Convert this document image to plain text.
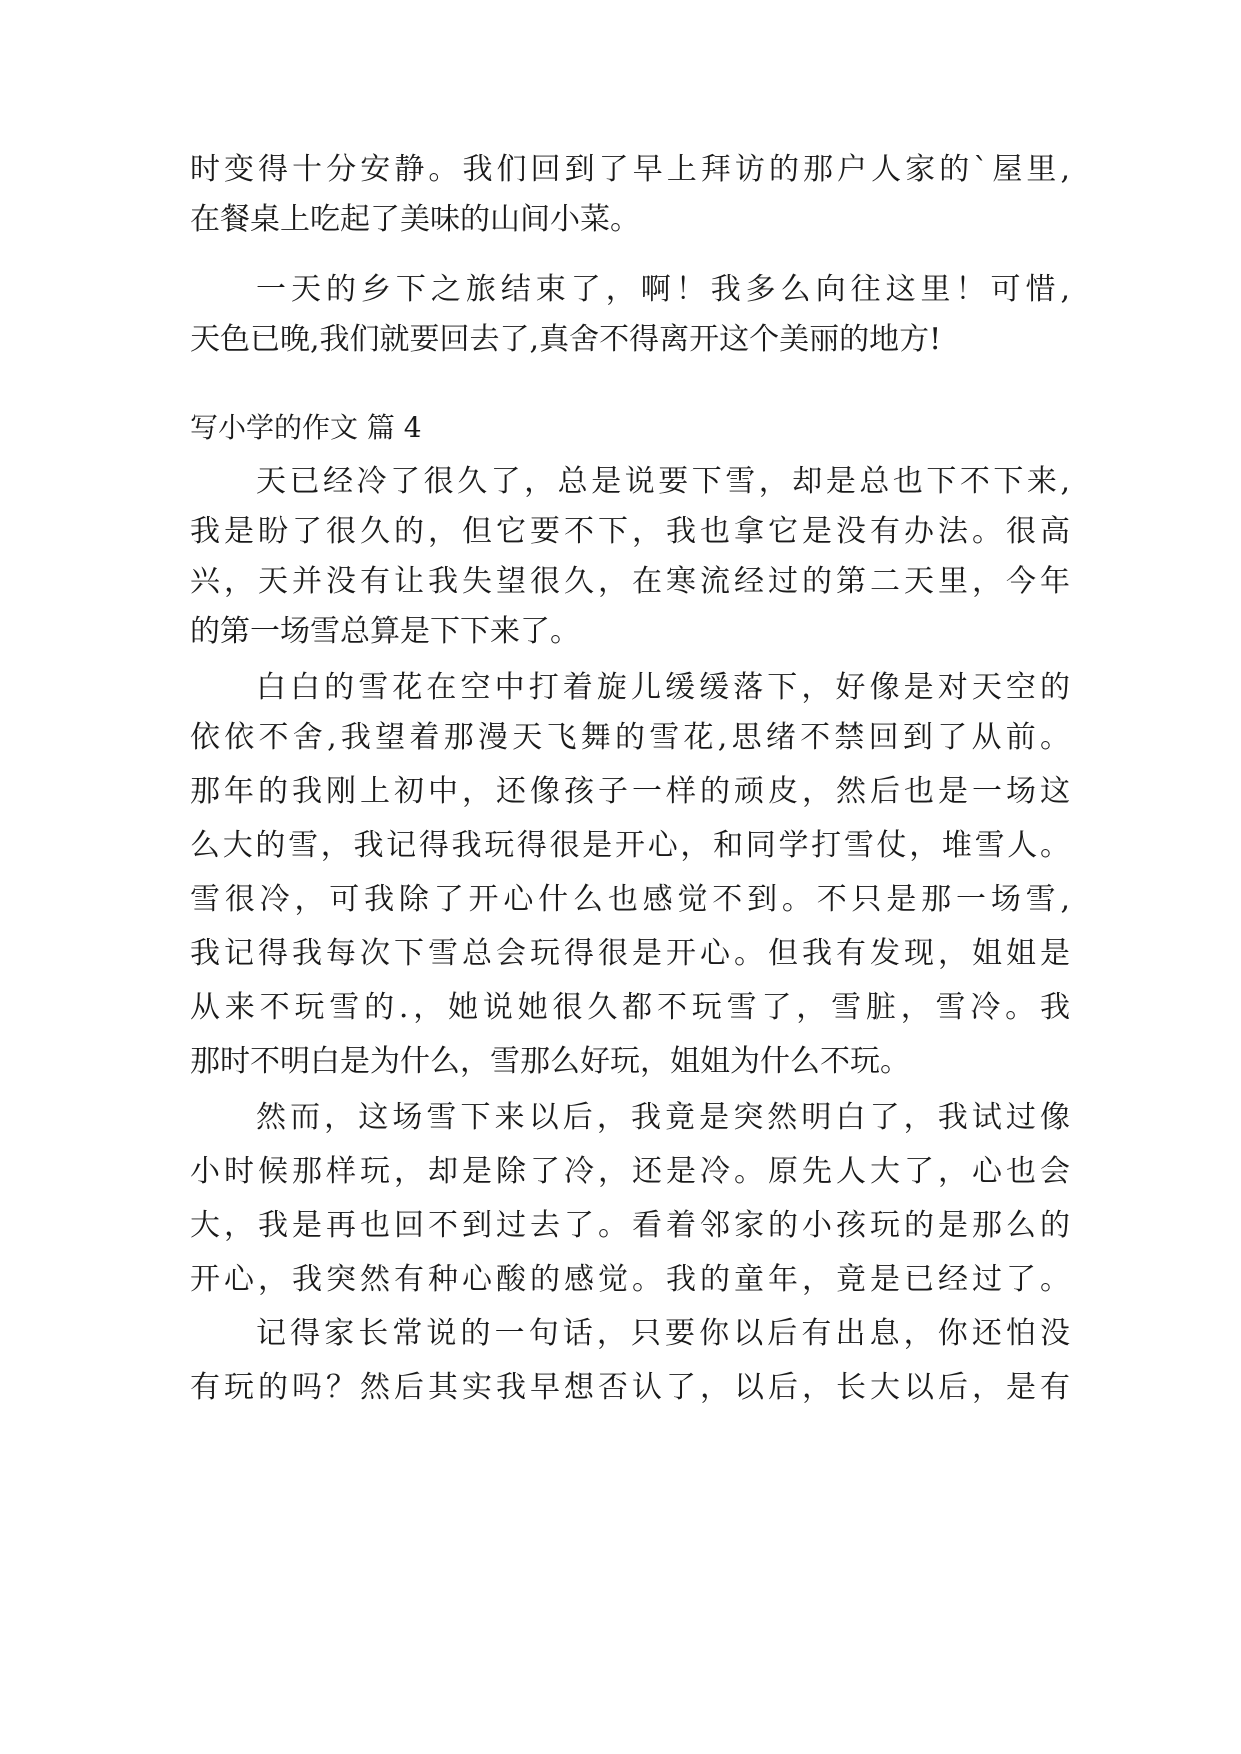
时变得十分安静。我们回到了早上拜访的那户人家的`屋里,
在餐桌上吃起了美味的山间小菜。
一天的乡下之旅结束了，啊！我多么向往这里！可惜,
天色已晚,我们就要回去了,真舍不得离开这个美丽的地方!
写小学的作文 篇 4
天已经冷了很久了，总是说要下雪，却是总也下不下来,
我是盼了很久的，但它要不下，我也拿它是没有办法。很高
兴，天并没有让我失望很久，在寒流经过的第二天里，今年
的第一场雪总算是下下来了。
白白的雪花在空中打着旋儿缓缓落下，好像是对天空的
依依不舍,我望着那漫天飞舞的雪花,思绪不禁回到了从前。
那年的我刚上初中，还像孩子一样的顽皮，然后也是一场这
么大的雪，我记得我玩得很是开心，和同学打雪仗，堆雪人。
雪很冷，可我除了开心什么也感觉不到。不只是那一场雪,
我记得我每次下雪总会玩得很是开心。但我有发现，姐姐是
从来不玩雪的.，她说她很久都不玩雪了，雪脏，雪冷。我
那时不明白是为什么，雪那么好玩，姐姐为什么不玩。
然而，这场雪下来以后，我竟是突然明白了，我试过像
小时候那样玩，却是除了冷，还是冷。原先人大了，心也会
大，我是再也回不到过去了。看着邻家的小孩玩的是那么的
开心，我突然有种心酸的感觉。我的童年，竟是已经过了。
记得家长常说的一句话，只要你以后有出息，你还怕没
有玩的吗？然后其实我早想否认了，以后，长大以后，是有
